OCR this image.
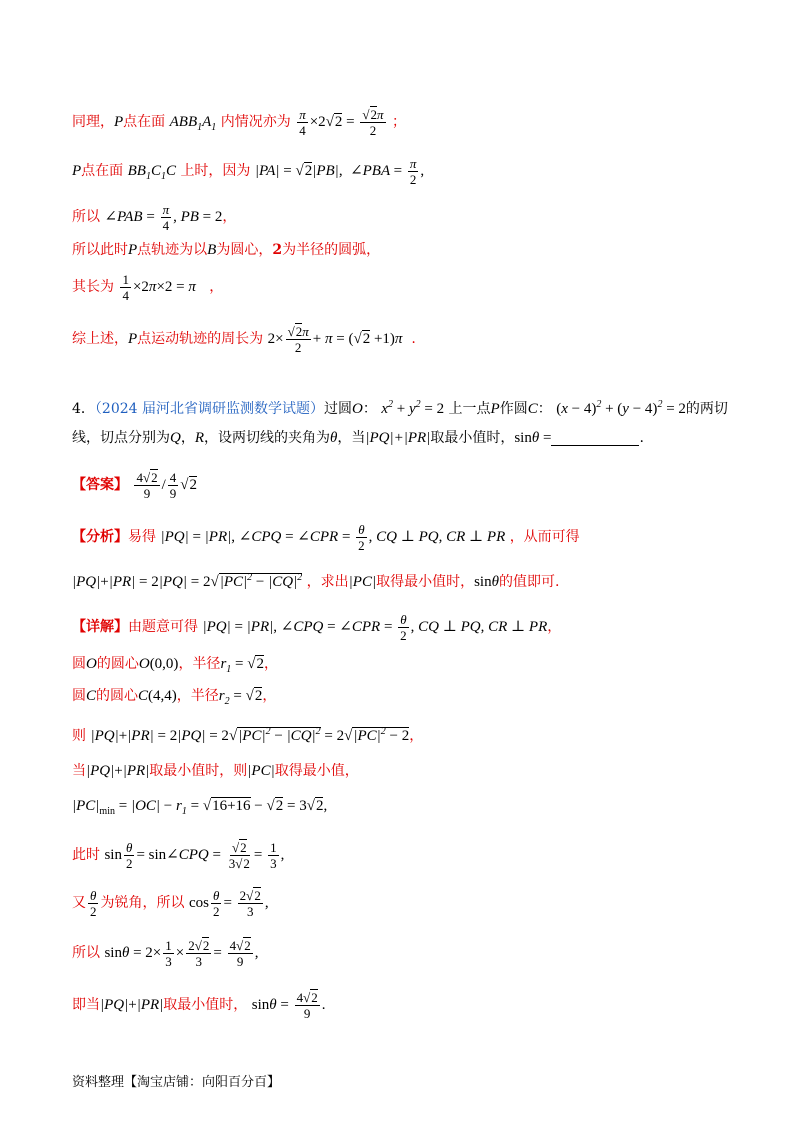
同理，P点在面 $ABB_1A_1$ 内情况亦为 $\frac{\pi}{4} \times 2√2 = \frac{√2\pi}{2}$ ；
P点在面 $BB_1C_1C$ 上时，因为 |PA| = √2|PB|, ∠PBA = $\frac{\pi}{2}$ ,
所以 ∠PAB = $\frac{\pi}{4}$ , PB = 2，
所以此时P点轨迹为以B为圆心，2为半径的圆弧，
其长为 $\frac{1}{4} \times 2\pi\times 2 = \pi$   ，
综上述，P点运动轨迹的周长为 $2\times \frac{√2\pi}{2} + \pi = (√2 +1)\pi$  .
4．（2024 届河北省调研监测数学试题）过圆O： $x^2 + y^2 = 2$ 上一点P作圆C： $(x - 4)^2 + (y - 4)^2 = 2$的两切
线，切点分别为Q，R，设两切线的夹角为θ，当|PQ|+|PR|取最小值时，sinθ =	.
【答案】 $\frac{4√2}{9} / \frac{4}{9} √2$
【分析】易得 |PQ| = |PR|, ∠CPQ = ∠CPR = $\frac{\theta}{2}$ , CQ ⊥ PQ, CR ⊥ PR ，从而可得
$|PQ|+|PR| = 2|PQ| = 2√|PC|^2 - |CQ|^2$ ，求出|PC|取得最小值时，sinθ的值即可.
【详解】由题意可得 |PQ| = |PR|, ∠CPQ = ∠CPR = $\frac{\theta}{2}$ , CQ ⊥ PQ, CR ⊥ PR，
圆O的圆心O(0,0)，半径$r_1 = √2$，
圆C的圆心C(4,4)，半径$r_2 = √2$，
则 $|PQ|+|PR| = 2|PQ| = 2√|PC|^2 - |CQ|^2 = 2√|PC|^2 - 2$，
当|PQ|+|PR|取最小值时，则|PC|取得最小值，
$|PC|_{min} = |OC| - r_1 = √16+16 - √2 = 3√2$,
此时 $\sin \frac{\theta}{2}$ = sin∠CPQ = $\frac{√2}{3√2} = \frac{1}{3}$ ,
又 $\frac{\theta}{2}$ 为锐角，所以 $\cos \frac{\theta}{2} = \frac{2√2}{3}$ ,
所以 $\sin\theta = 2\times \frac{1}{3} \times \frac{2√2}{3} = \frac{4√2}{9}$ ,
即当|PQ|+|PR|取最小值时， $\sin\theta = \frac{4√2}{9}$ .
资料整理【淘宝店铺：向阳百分百】
